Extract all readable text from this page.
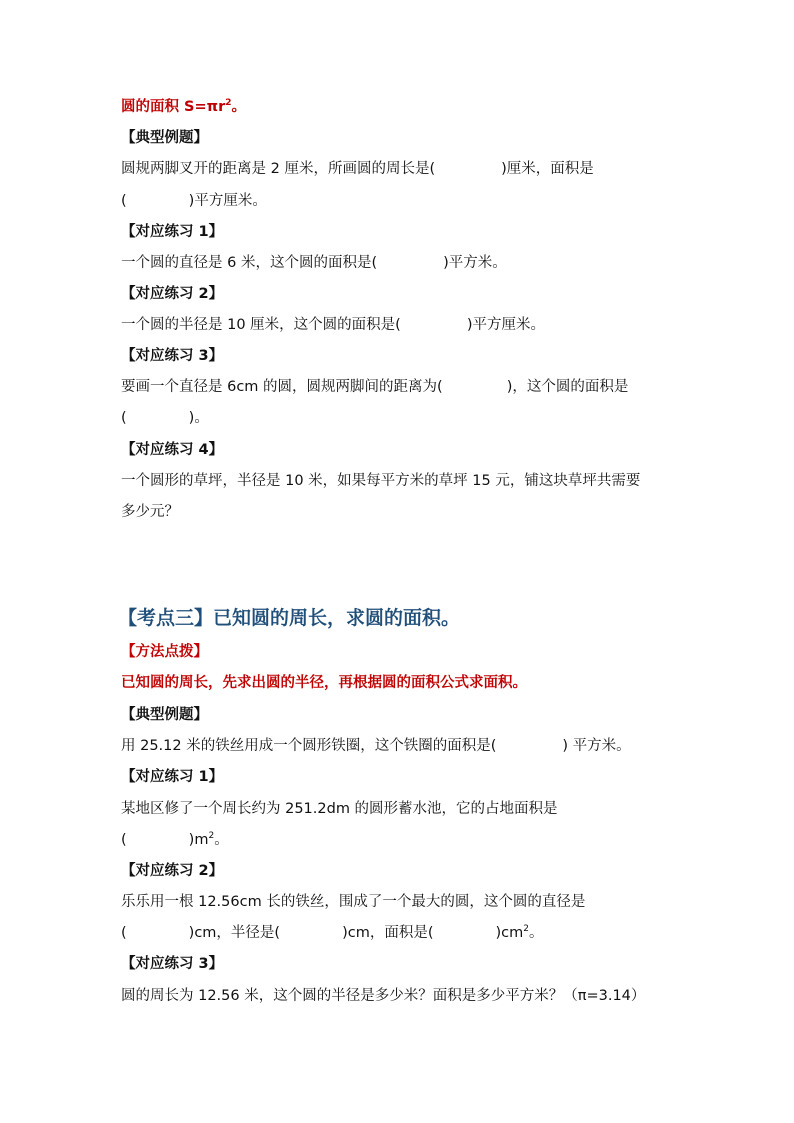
圆的面积 $S=\pi r^2$。
【典型例题】
圆规两脚叉开的距离是 2 厘米，所画圆的周长是(	)厘米，面积是
(	)平方厘米。
【对应练习 1】
一个圆的直径是 6 米，这个圆的面积是(	)平方米。
【对应练习 2】
一个圆的半径是 10 厘米，这个圆的面积是(	)平方厘米。
【对应练习 3】
要画一个直径是 6cm 的圆，圆规两脚间的距离为(	)，这个圆的面积是
(	)。
【对应练习 4】
一个圆形的草坪，半径是 10 米，如果每平方米的草坪 15 元，铺这块草坪共需要
多少元？
【考点三】已知圆的周长，求圆的面积。
【方法点拨】
已知圆的周长，先求出圆的半径，再根据圆的面积公式求面积。
【典型例题】
用 25.12 米的铁丝用成一个圆形铁圈，这个铁圈的面积是(	) 平方米。
【对应练习 1】
某地区修了一个周长约为 251.2dm 的圆形蓄水池，它的占地面积是
(	)$m^2$。
【对应练习 2】
乐乐用一根 12.56cm 长的铁丝，围成了一个最大的圆，这个圆的直径是
(	)cm，半径是(	)cm，面积是(	)$cm^2$。
【对应练习 3】
圆的周长为 12.56 米，这个圆的半径是多少米？面积是多少平方米？（π=3.14）
